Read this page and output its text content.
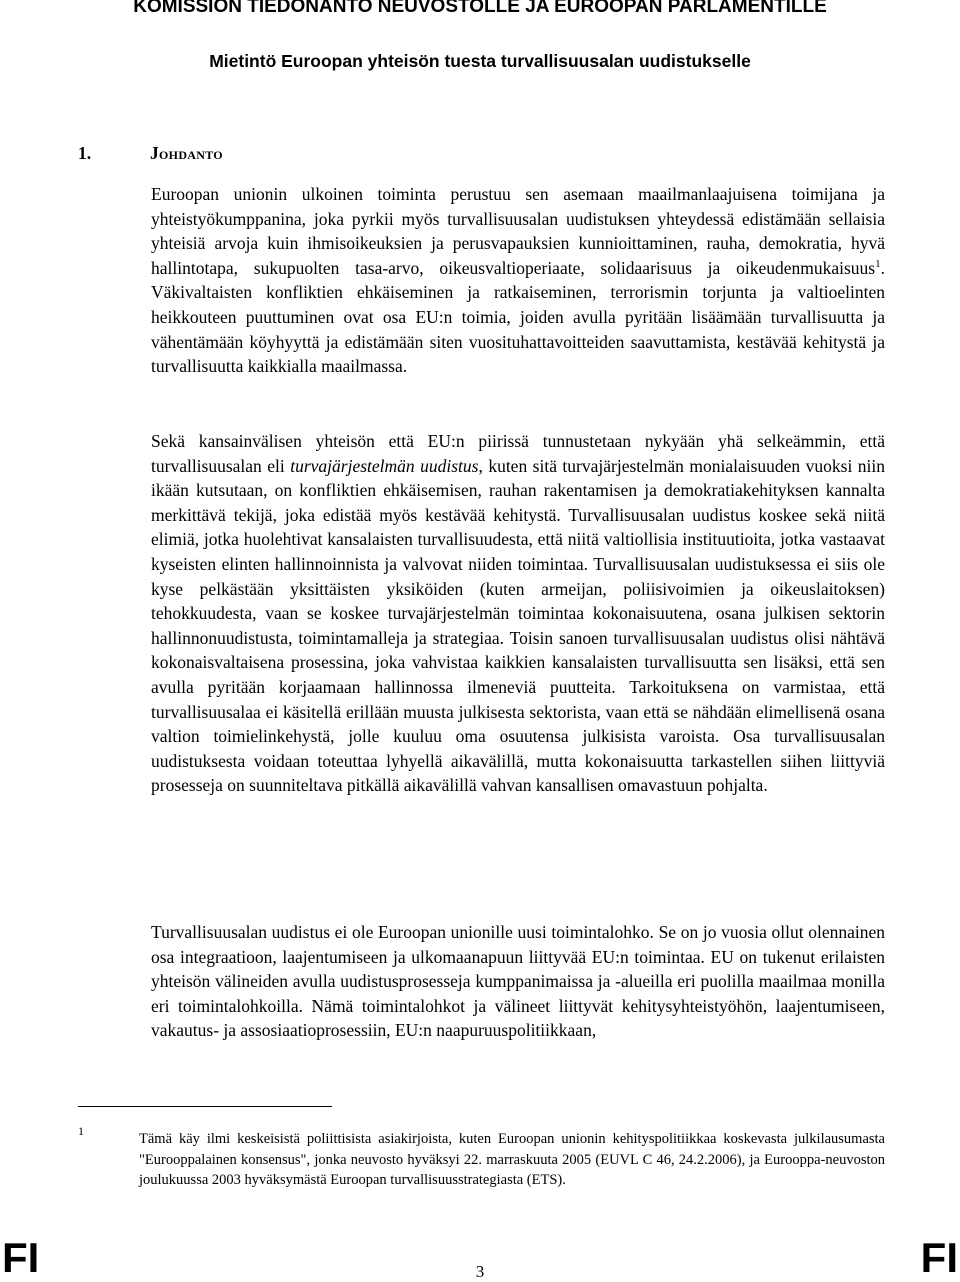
KOMISSION TIEDONANTO NEUVOSTOLLE JA EUROOPAN PARLAMENTILLE
Mietintö Euroopan yhteisön tuesta turvallisuusalan uudistukselle
1.	Johdanto

Euroopan unionin ulkoinen toiminta perustuu sen asemaan maailmanlaajuisena toimijana ja yhteistyökumppanina, joka pyrkii myös turvallisuusalan uudistuksen yhteydessä edistämään sellaisia yhteisiä arvoja kuin ihmisoikeuksien ja perusvapauksien kunnioittaminen, rauha, demokratia, hyvä hallintotapa, sukupuolten tasa-arvo, oikeusvaltioperiaate, solidaarisuus ja oikeudenmukaisuus$^1$. Väkivaltaisten konfliktien ehkäiseminen ja ratkaiseminen, terrorismin torjunta ja valtioelinten heikkouteen puuttuminen ovat osa EU:n toimia, joiden avulla pyritään lisäämään turvallisuutta ja vähentämään köyhyyttä ja edistämään siten vuosituhattavoitteiden saavuttamista, kestävää kehitystä ja turvallisuutta kaikkialla maailmassa.

Sekä kansainvälisen yhteisön että EU:n piirissä tunnustetaan nykyään yhä selkeämmin, että turvallisuusalan eli turvajärjestelmän uudistus, kuten sitä turvajärjestelmän monialaisuuden vuoksi niin ikään kutsutaan, on konfliktien ehkäisemisen, rauhan rakentamisen ja demokratiakehityksen kannalta merkittävä tekijä, joka edistää myös kestävää kehitystä. Turvallisuusalan uudistus koskee sekä niitä elimiä, jotka huolehtivat kansalaisten turvallisuudesta, että niitä valtiollisia instituutioita, jotka vastaavat kyseisten elinten hallinnoinnista ja valvovat niiden toimintaa. Turvallisuusalan uudistuksessa ei siis ole kyse pelkästään yksittäisten yksiköiden (kuten armeijan, poliisivoimien ja oikeuslaitoksen) tehokkuudesta, vaan se koskee turvajärjestelmän toimintaa kokonaisuutena, osana julkisen sektorin hallinnonuudistusta, toimintamalleja ja strategiaa. Toisin sanoen turvallisuusalan uudistus olisi nähtävä kokonaisvaltaisena prosessina, joka vahvistaa kaikkien kansalaisten turvallisuutta sen lisäksi, että sen avulla pyritään korjaamaan hallinnossa ilmeneviä puutteita. Tarkoituksena on varmistaa, että turvallisuusalaa ei käsitellä erillään muusta julkisesta sektorista, vaan että se nähdään elimellisenä osana valtion toimielinkehystä, jolle kuuluu oma osuutensa julkisista varoista. Osa turvallisuusalan uudistuksesta voidaan toteuttaa lyhyellä aikavälillä, mutta kokonaisuutta tarkastellen siihen liittyviä prosesseja on suunniteltava pitkällä aikavälillä vahvan kansallisen omavastuun pohjalta.

Turvallisuusalan uudistus ei ole Euroopan unionille uusi toimintalohko. Se on jo vuosia ollut olennainen osa integraatioon, laajentumiseen ja ulkomaanapuun liittyvää EU:n toimintaa. EU on tukenut erilaisten yhteisön välineiden avulla uudistusprosesseja kumppanimaissa ja -alueilla eri puolilla maailmaa monilla eri toimintalohkoilla. Nämä toimintalohkot ja välineet liittyvät kehitysyhteistyöhön, laajentumiseen, vakautus- ja assosiaatioprosessiin, EU:n naapuruuspolitiikkaan,

1	Tämä käy ilmi keskeisistä poliittisista asiakirjoista, kuten Euroopan unionin kehityspolitiikkaa koskevasta julkilausumasta "Eurooppalainen konsensus", jonka neuvosto hyväksyi 22. marraskuuta 2005 (EUVL C 46, 24.2.2006), ja Eurooppa-neuvoston joulukuussa 2003 hyväksymästä Euroopan turvallisuusstrategiasta (ETS).

FI	3	FI
